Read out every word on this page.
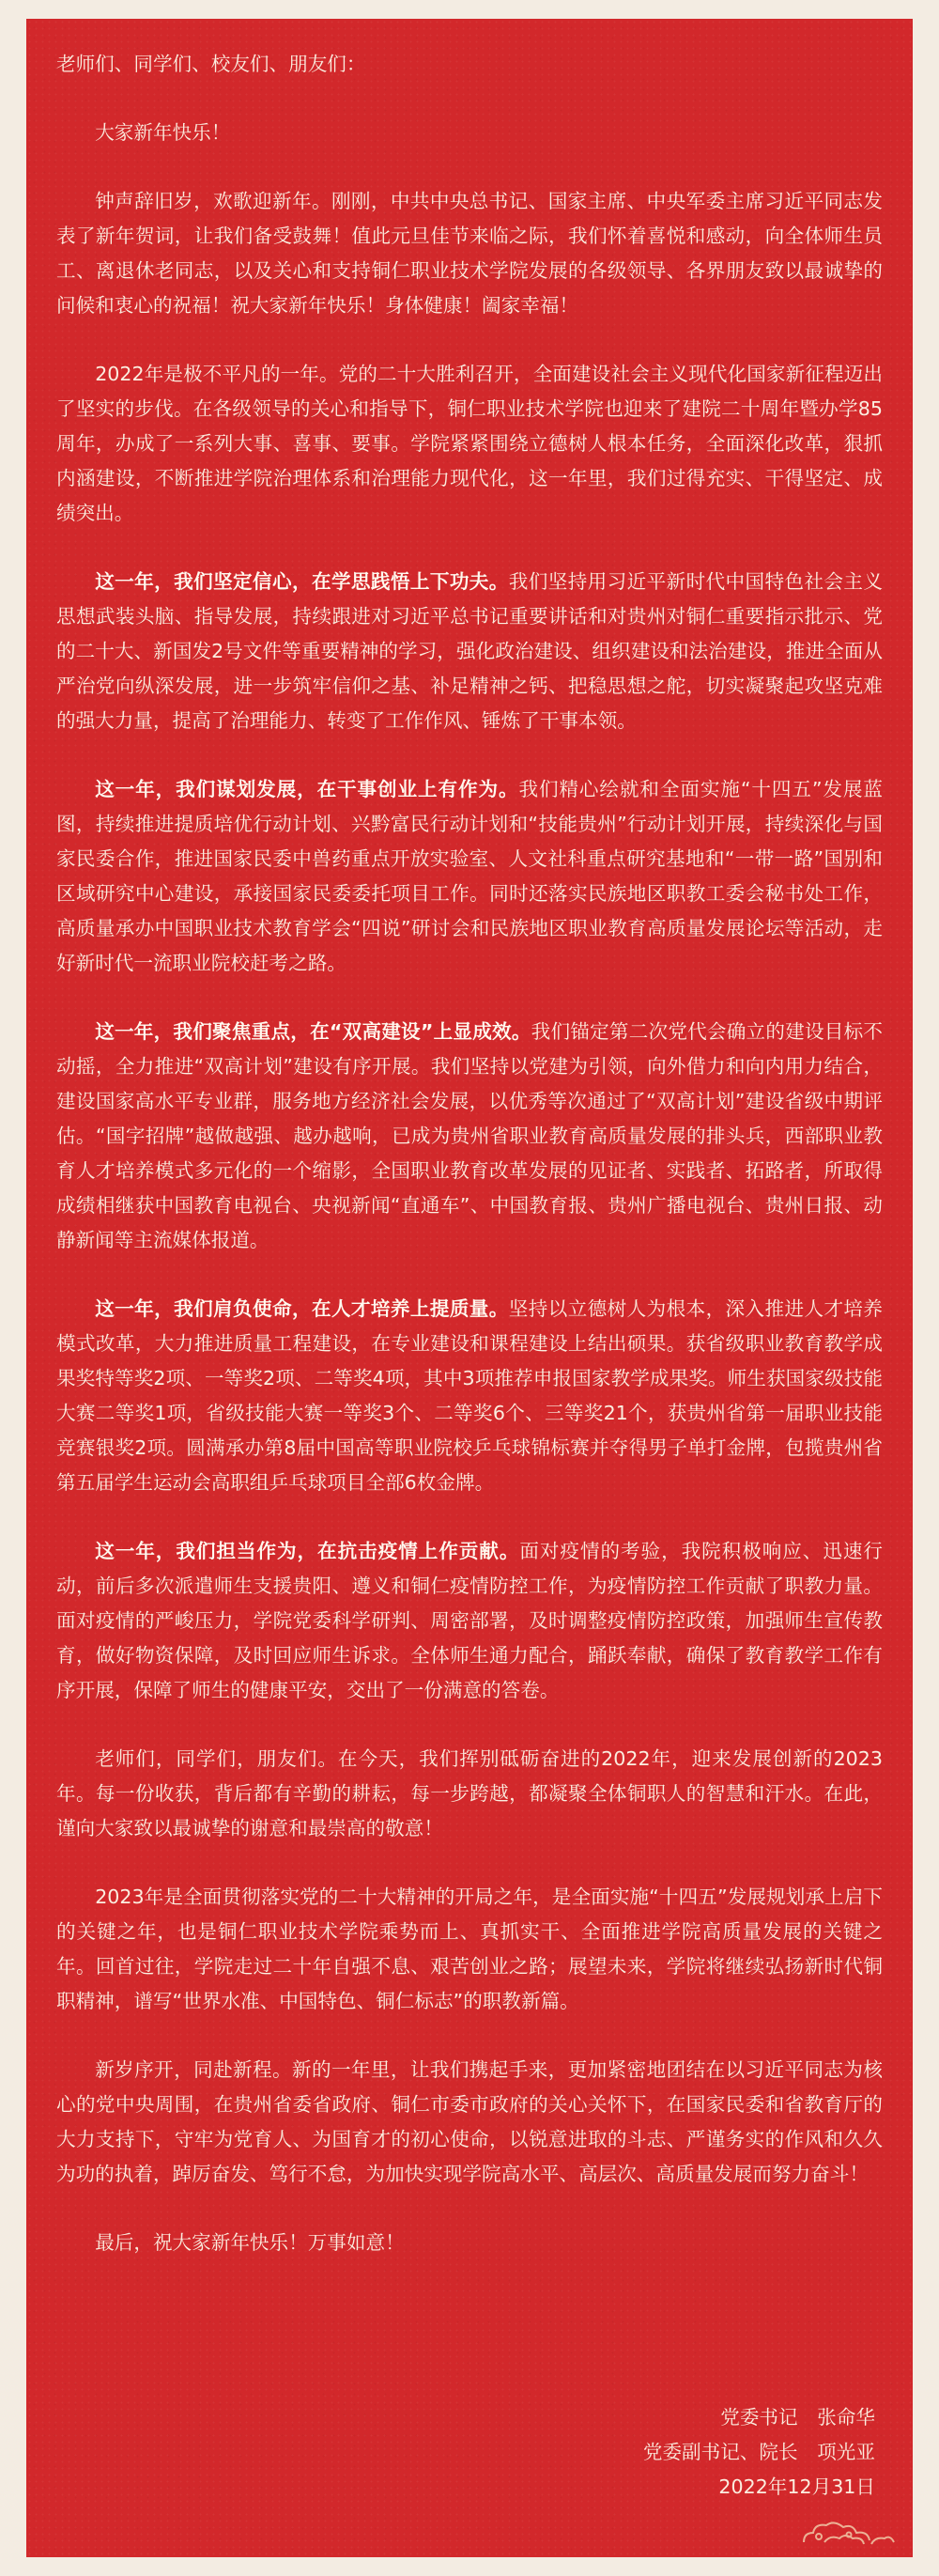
老师们、同学们、校友们、朋友们：

大家新年快乐！

钟声辞旧岁，欢歌迎新年。刚刚，中共中央总书记、国家主席、中央军委主席习近平同志发表了新年贺词，让我们备受鼓舞！值此元旦佳节来临之际，我们怀着喜悦和感动，向全体师生员工、离退休老同志，以及关心和支持铜仁职业技术学院发展的各级领导、各界朋友致以最诚挚的问候和衷心的祝福！祝大家新年快乐！身体健康！阖家幸福！

2022年是极不平凡的一年。党的二十大胜利召开，全面建设社会主义现代化国家新征程迈出了坚实的步伐。在各级领导的关心和指导下，铜仁职业技术学院也迎来了建院二十周年暨办学85周年，办成了一系列大事、喜事、要事。学院紧紧围绕立德树人根本任务，全面深化改革，狠抓内涵建设，不断推进学院治理体系和治理能力现代化，这一年里，我们过得充实、干得坚定、成绩突出。

这一年，我们坚定信心，在学思践悟上下功夫。我们坚持用习近平新时代中国特色社会主义思想武装头脑、指导发展，持续跟进对习近平总书记重要讲话和对贵州对铜仁重要指示批示、党的二十大、新国发2号文件等重要精神的学习，强化政治建设、组织建设和法治建设，推进全面从严治党向纵深发展，进一步筑牢信仰之基、补足精神之钙、把稳思想之舵，切实凝聚起攻坚克难的强大力量，提高了治理能力、转变了工作作风、锤炼了干事本领。

这一年，我们谋划发展，在干事创业上有作为。我们精心绘就和全面实施“十四五”发展蓝图，持续推进提质培优行动计划、兴黔富民行动计划和“技能贵州”行动计划开展，持续深化与国家民委合作，推进国家民委中兽药重点开放实验室、人文社科重点研究基地和“一带一路”国别和区域研究中心建设，承接国家民委委托项目工作。同时还落实民族地区职教工委会秘书处工作，高质量承办中国职业技术教育学会“四说”研讨会和民族地区职业教育高质量发展论坛等活动，走好新时代一流职业院校赶考之路。

这一年，我们聚焦重点，在“双高建设”上显成效。我们锚定第二次党代会确立的建设目标不动摇，全力推进“双高计划”建设有序开展。我们坚持以党建为引领，向外借力和向内用力结合，建设国家高水平专业群，服务地方经济社会发展，以优秀等次通过了“双高计划”建设省级中期评估。“国字招牌”越做越强、越办越响，已成为贵州省职业教育高质量发展的排头兵，西部职业教育人才培养模式多元化的一个缩影，全国职业教育改革发展的见证者、实践者、拓路者，所取得成绩相继获中国教育电视台、央视新闻“直通车”、中国教育报、贵州广播电视台、贵州日报、动静新闻等主流媒体报道。

这一年，我们肩负使命，在人才培养上提质量。坚持以立德树人为根本，深入推进人才培养模式改革，大力推进质量工程建设，在专业建设和课程建设上结出硕果。获省级职业教育教学成果奖特等奖2项、一等奖2项、二等奖4项，其中3项推荐申报国家教学成果奖。师生获国家级技能大赛二等奖1项，省级技能大赛一等奖3个、二等奖6个、三等奖21个，获贵州省第一届职业技能竞赛银奖2项。圆满承办第8届中国高等职业院校乒乓球锦标赛并夺得男子单打金牌，包揽贵州省第五届学生运动会高职组乒乓球项目全部6枚金牌。

这一年，我们担当作为，在抗击疫情上作贡献。面对疫情的考验，我院积极响应、迅速行动，前后多次派遣师生支援贵阳、遵义和铜仁疫情防控工作，为疫情防控工作贡献了职教力量。面对疫情的严峻压力，学院党委科学研判、周密部署，及时调整疫情防控政策，加强师生宣传教育，做好物资保障，及时回应师生诉求。全体师生通力配合，踊跃奉献，确保了教育教学工作有序开展，保障了师生的健康平安，交出了一份满意的答卷。

老师们，同学们，朋友们。在今天，我们挥别砥砺奋进的2022年，迎来发展创新的2023年。每一份收获，背后都有辛勤的耕耘，每一步跨越，都凝聚全体铜职人的智慧和汗水。在此，谨向大家致以最诚挚的谢意和最崇高的敬意！

2023年是全面贯彻落实党的二十大精神的开局之年，是全面实施“十四五”发展规划承上启下的关键之年，也是铜仁职业技术学院乘势而上、真抓实干、全面推进学院高质量发展的关键之年。回首过往，学院走过二十年自强不息、艰苦创业之路；展望未来，学院将继续弘扬新时代铜职精神，谱写“世界水准、中国特色、铜仁标志”的职教新篇。

新岁序开，同赴新程。新的一年里，让我们携起手来，更加紧密地团结在以习近平同志为核心的党中央周围，在贵州省委省政府、铜仁市委市政府的关心关怀下，在国家民委和省教育厅的大力支持下，守牢为党育人、为国育才的初心使命，以锐意进取的斗志、严谨务实的作风和久久为功的执着，踔厉奋发、笃行不怠，为加快实现学院高水平、高层次、高质量发展而努力奋斗！

最后，祝大家新年快乐！万事如意！

党委书记　张命华
党委副书记、院长　项光亚
2022年12月31日
